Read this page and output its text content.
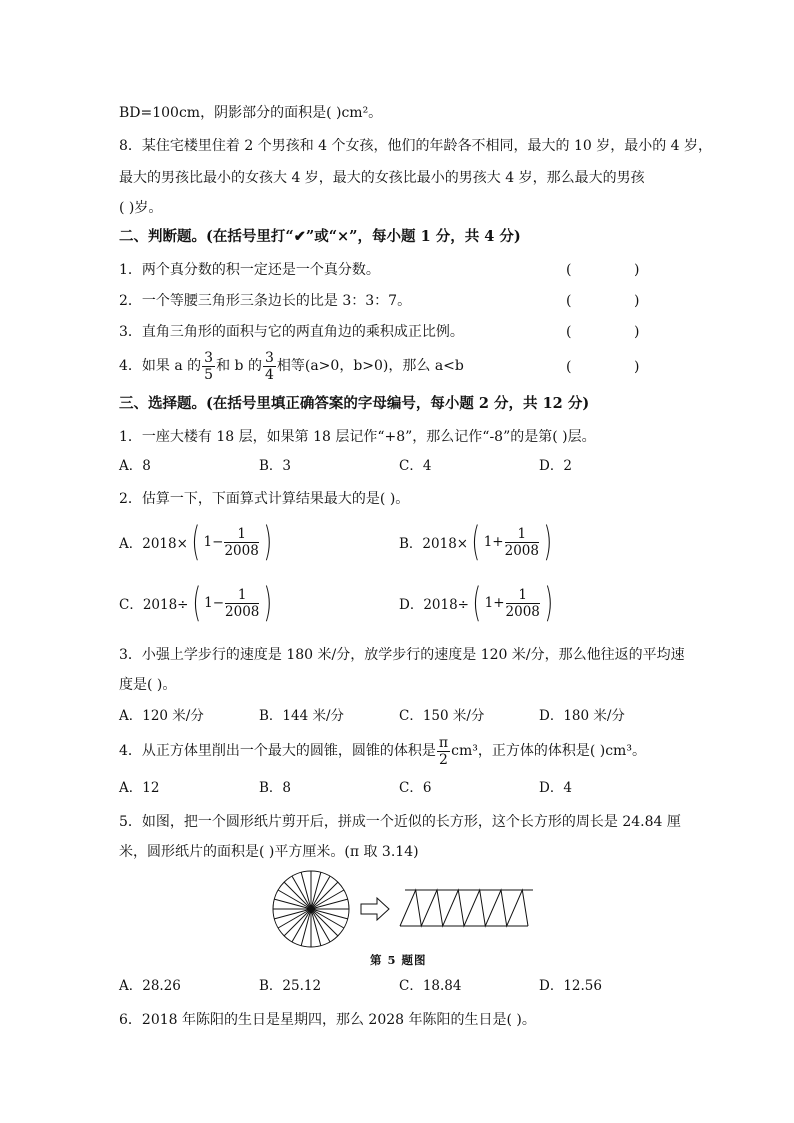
BD=100cm，阴影部分的面积是( )cm²。
8．某住宅楼里住着 2 个男孩和 4 个女孩，他们的年龄各不相同，最大的 10 岁，最小的 4 岁，
最大的男孩比最小的女孩大 4 岁，最大的女孩比最小的男孩大 4 岁，那么最大的男孩
( )岁。
二、判断题。(在括号里打“✔”或“×”，每小题 1 分，共 4 分)
1．两个真分数的积一定还是一个真分数。	(	)
2．一个等腰三角形三条边长的比是 3：3：7。	(	)
3．直角三角形的面积与它的两直角边的乘积成正比例。	(	)
4．如果 a 的 $\frac{3}{5}$ 和 b 的 $\frac{3}{4}$ 相等(a>0，b>0)，那么 a<b	(	)
三、选择题。(在括号里填正确答案的字母编号，每小题 2 分，共 12 分)
1．一座大楼有 18 层，如果第 18 层记作“+8”，那么记作“-8”的是第( )层。
A．8	B．3	C．4	D．2
2．估算一下，下面算式计算结果最大的是( )。
A．2018×( $1- \frac{1}{2008}$ )	B．2018×( $1+ \frac{1}{2008}$ )
C．2018÷( $1- \frac{1}{2008}$ )	D．2018÷( $1+ \frac{1}{2008}$ )
3．小强上学步行的速度是 180 米/分，放学步行的速度是 120 米/分，那么他往返的平均速
度是( )。
A．120 米/分	B．144 米/分	C．150 米/分	D．180 米/分
4．从正方体里削出一个最大的圆锥，圆锥的体积是 $\frac{\pi}{2} cm^3$，正方体的体积是( )cm³。
A．12	B．8	C．6	D．4
5．如图，把一个圆形纸片剪开后，拼成一个近似的长方形，这个长方形的周长是 24.84 厘
米，圆形纸片的面积是( )平方厘米。(π 取 3.14)
第 5 题图
A．28.26	B．25.12	C．18.84	D．12.56
6．2018 年陈阳的生日是星期四，那么 2028 年陈阳的生日是( )。
